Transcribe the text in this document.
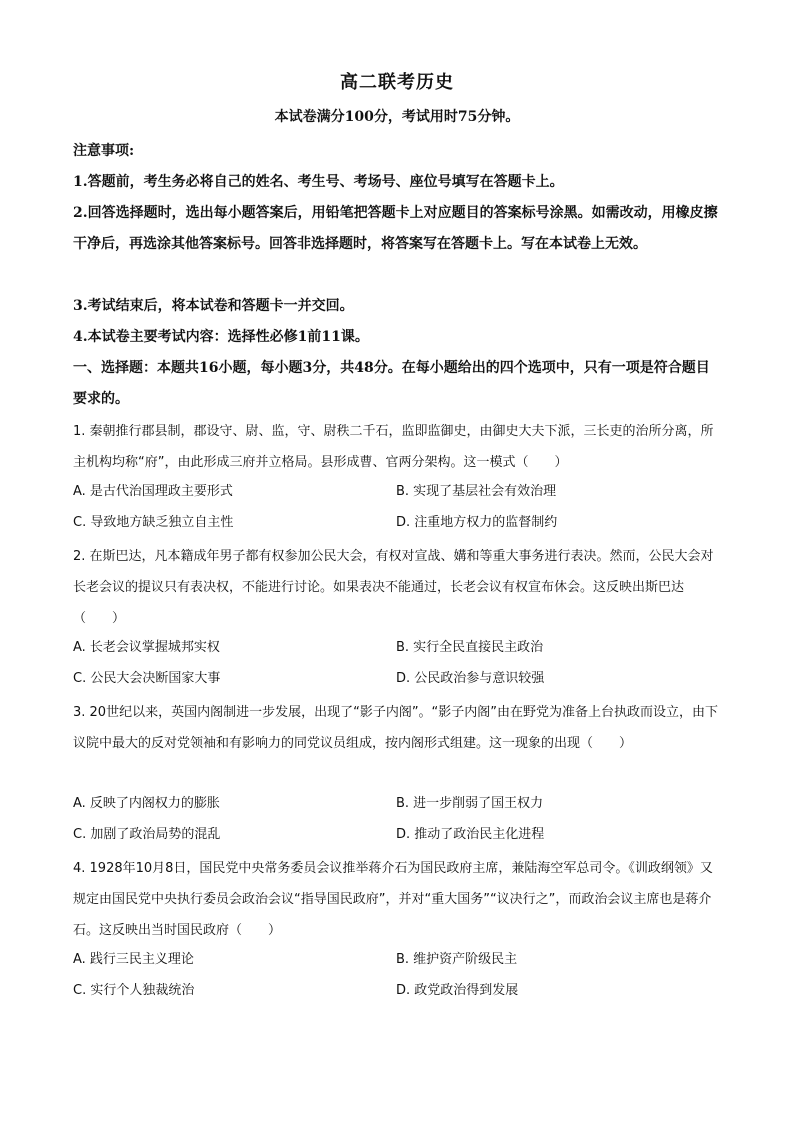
高二联考历史
本试卷满分100分，考试用时75分钟。
注意事项:
1.答题前，考生务必将自己的姓名、考生号、考场号、座位号填写在答题卡上。
2.回答选择题时，选出每小题答案后，用铅笔把答题卡上对应题目的答案标号涂黑。如需改动，用橡皮擦干净后，再选涂其他答案标号。回答非选择题时，将答案写在答题卡上。写在本试卷上无效。
3.考试结束后，将本试卷和答题卡一并交回。
4.本试卷主要考试内容：选择性必修1前11课。
一、选择题：本题共16小题，每小题3分，共48分。在每小题给出的四个选项中，只有一项是符合题目要求的。
1. 秦朝推行郡县制，郡设守、尉、监，守、尉秩二千石，监即监御史，由御史大夫下派，三长吏的治所分离，所主机构均称“府”，由此形成三府并立格局。县形成曹、官两分架构。这一模式（　　）
A. 是古代治国理政主要形式	B. 实现了基层社会有效治理
C. 导致地方缺乏独立自主性	D. 注重地方权力的监督制约
2. 在斯巴达，凡本籍成年男子都有权参加公民大会，有权对宣战、媾和等重大事务进行表决。然而，公民大会对长老会议的提议只有表决权，不能进行讨论。如果表决不能通过，长老会议有权宣布休会。这反映出斯巴达（　　）
A. 长老会议掌握城邦实权	B. 实行全民直接民主政治
C. 公民大会决断国家大事	D. 公民政治参与意识较强
3. 20世纪以来，英国内阁制进一步发展，出现了“影子内阁”。“影子内阁”由在野党为准备上台执政而设立，由下议院中最大的反对党领袖和有影响力的同党议员组成，按内阁形式组建。这一现象的出现（　　）
A. 反映了内阁权力的膨胀	B. 进一步削弱了国王权力
C. 加剧了政治局势的混乱	D. 推动了政治民主化进程
4. 1928年10月8日，国民党中央常务委员会议推举蒋介石为国民政府主席，兼陆海空军总司令。《训政纲领》又规定由国民党中央执行委员会政治会议“指导国民政府”，并对“重大国务”“议决行之”，而政治会议主席也是蒋介石。这反映出当时国民政府（　　）
A. 践行三民主义理论	B. 维护资产阶级民主
C. 实行个人独裁统治	D. 政党政治得到发展
